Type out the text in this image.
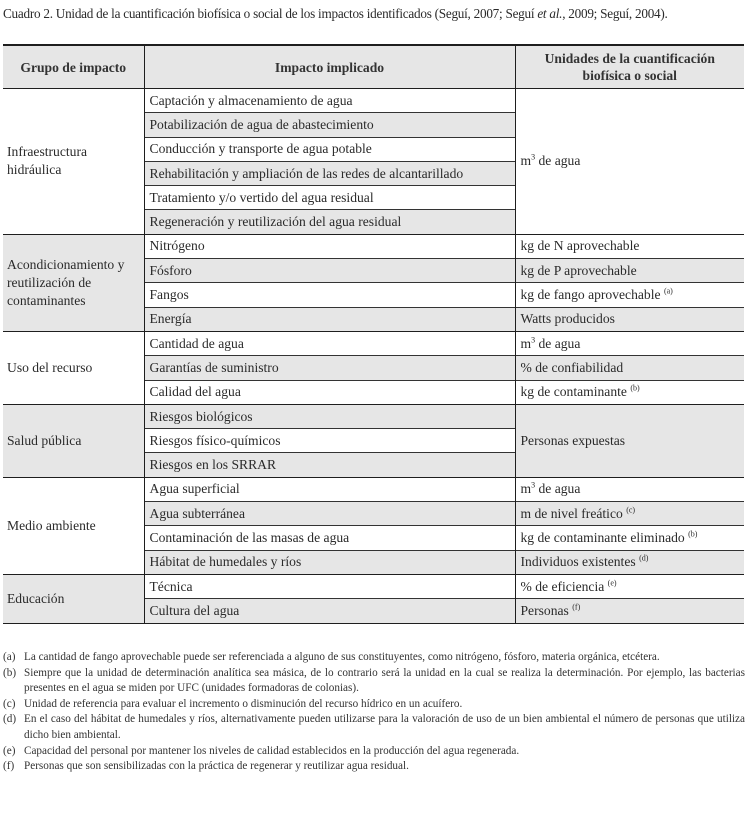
Cuadro 2. Unidad de la cuantificación biofísica o social de los impactos identificados (Seguí, 2007; Seguí et al., 2009; Seguí, 2004).
Grupo de impacto	Impacto implicado	Unidades de la cuantificación biofísica o social
Infraestructura hidráulica	Captación y almacenamiento de agua	$m^3$ de agua
	Potabilización de agua de abastecimiento	
	Conducción y transporte de agua potable	
	Rehabilitación y ampliación de las redes de alcantarillado	
	Tratamiento y/o vertido del agua residual	
	Regeneración y reutilización del agua residual	
Acondicionamiento y reutilización de contaminantes	Nitrógeno	kg de N aprovechable
	Fósforo	kg de P aprovechable
	Fangos	kg de fango aprovechable $^{(a)}$
	Energía	Watts producidos
Uso del recurso	Cantidad de agua	$m^3$ de agua
	Garantías de suministro	% de confiabilidad
	Calidad del agua	kg de contaminante $^{(b)}$
Salud pública	Riesgos biológicos	Personas expuestas
	Riesgos físico-químicos	
	Riesgos en los SRRAR	
Medio ambiente	Agua superficial	$m^3$ de agua
	Agua subterránea	m de nivel freático $^{(c)}$
	Contaminación de las masas de agua	kg de contaminante eliminado $^{(b)}$
	Hábitat de humedales y ríos	Individuos existentes $^{(d)}$
Educación	Técnica	% de eficiencia $^{(e)}$
	Cultura del agua	Personas $^{(f)}$
(a) La cantidad de fango aprovechable puede ser referenciada a alguno de sus constituyentes, como nitrógeno, fósforo, materia orgánica, etcétera.
(b) Siempre que la unidad de determinación analítica sea másica, de lo contrario será la unidad en la cual se realiza la determinación. Por ejemplo, las bacterias presentes en el agua se miden por UFC (unidades formadoras de colonias).
(c) Unidad de referencia para evaluar el incremento o disminución del recurso hídrico en un acuífero.
(d) En el caso del hábitat de humedales y ríos, alternativamente pueden utilizarse para la valoración de uso de un bien ambiental el número de personas que utiliza dicho bien ambiental.
(e) Capacidad del personal por mantener los niveles de calidad establecidos en la producción del agua regenerada.
(f) Personas que son sensibilizadas con la práctica de regenerar y reutilizar agua residual.
